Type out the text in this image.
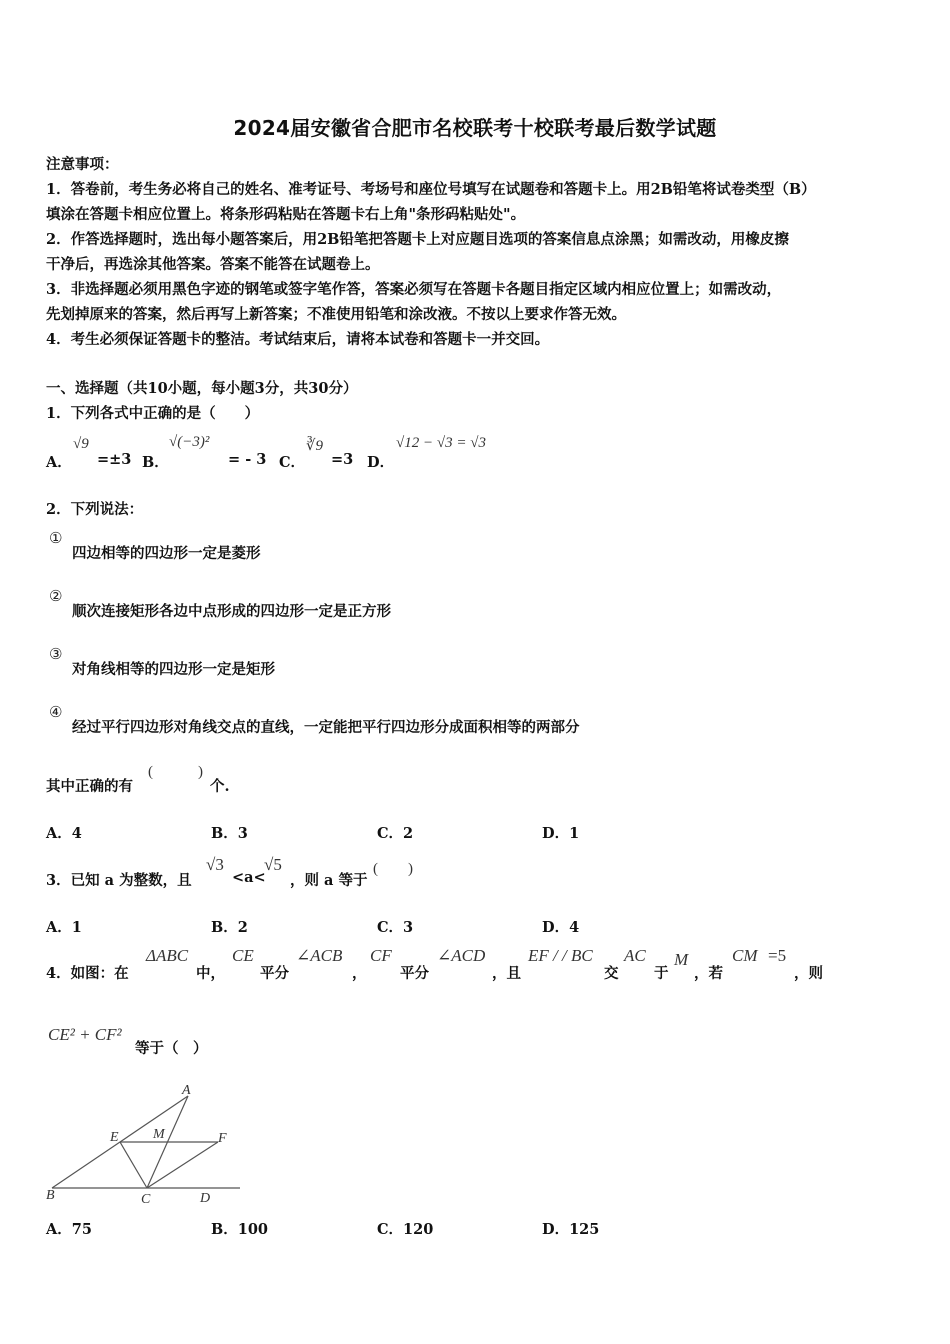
2024届安徽省合肥市名校联考十校联考最后数学试题
注意事项：
1．答卷前，考生务必将自己的姓名、准考证号、考场号和座位号填写在试题卷和答题卡上。用2B铅笔将试卷类型（B）
填涂在答题卡相应位置上。将条形码粘贴在答题卡右上角"条形码粘贴处"。
2．作答选择题时，选出每小题答案后，用2B铅笔把答题卡上对应题目选项的答案信息点涂黑；如需改动，用橡皮擦
干净后，再选涂其他答案。答案不能答在试题卷上。
3．非选择题必须用黑色字迹的钢笔或签字笔作答，答案必须写在答题卡各题目指定区域内相应位置上；如需改动，
先划掉原来的答案，然后再写上新答案；不准使用铅笔和涂改液。不按以上要求作答无效。
4．考生必须保证答题卡的整洁。考试结束后，请将本试卷和答题卡一并交回。
一、选择题（共10小题，每小题3分，共30分）
1．下列各式中正确的是（　　）
A．
√9
=±3 B．
√(−3)²
= - 3 C．
∛9
=3 D．
√12 − √3 = √3
2．下列说法：
①
四边相等的四边形一定是菱形
②
顺次连接矩形各边中点形成的四边形一定是正方形
③
对角线相等的四边形一定是矩形
④
经过平行四边形对角线交点的直线，一定能把平行四边形分成面积相等的两部分
其中正确的有
(　　　)
个.
A．4	B．3	C．2	D．1
3．已知 a 为整数，且
√3
<a<
√5
，则 a 等于
(　　)
A．1	B．2	C．3	D．4
4．如图：在
ΔABC
中，
CE
平分
∠ACB
，
CF
平分
∠ACD
，且
EF / / BC
交
AC
于
M
，若
CM =5
，则
CE² + CF²
等于（　）
A
E M	F
B	C	D
A．75	B．100	C．120	D．125
